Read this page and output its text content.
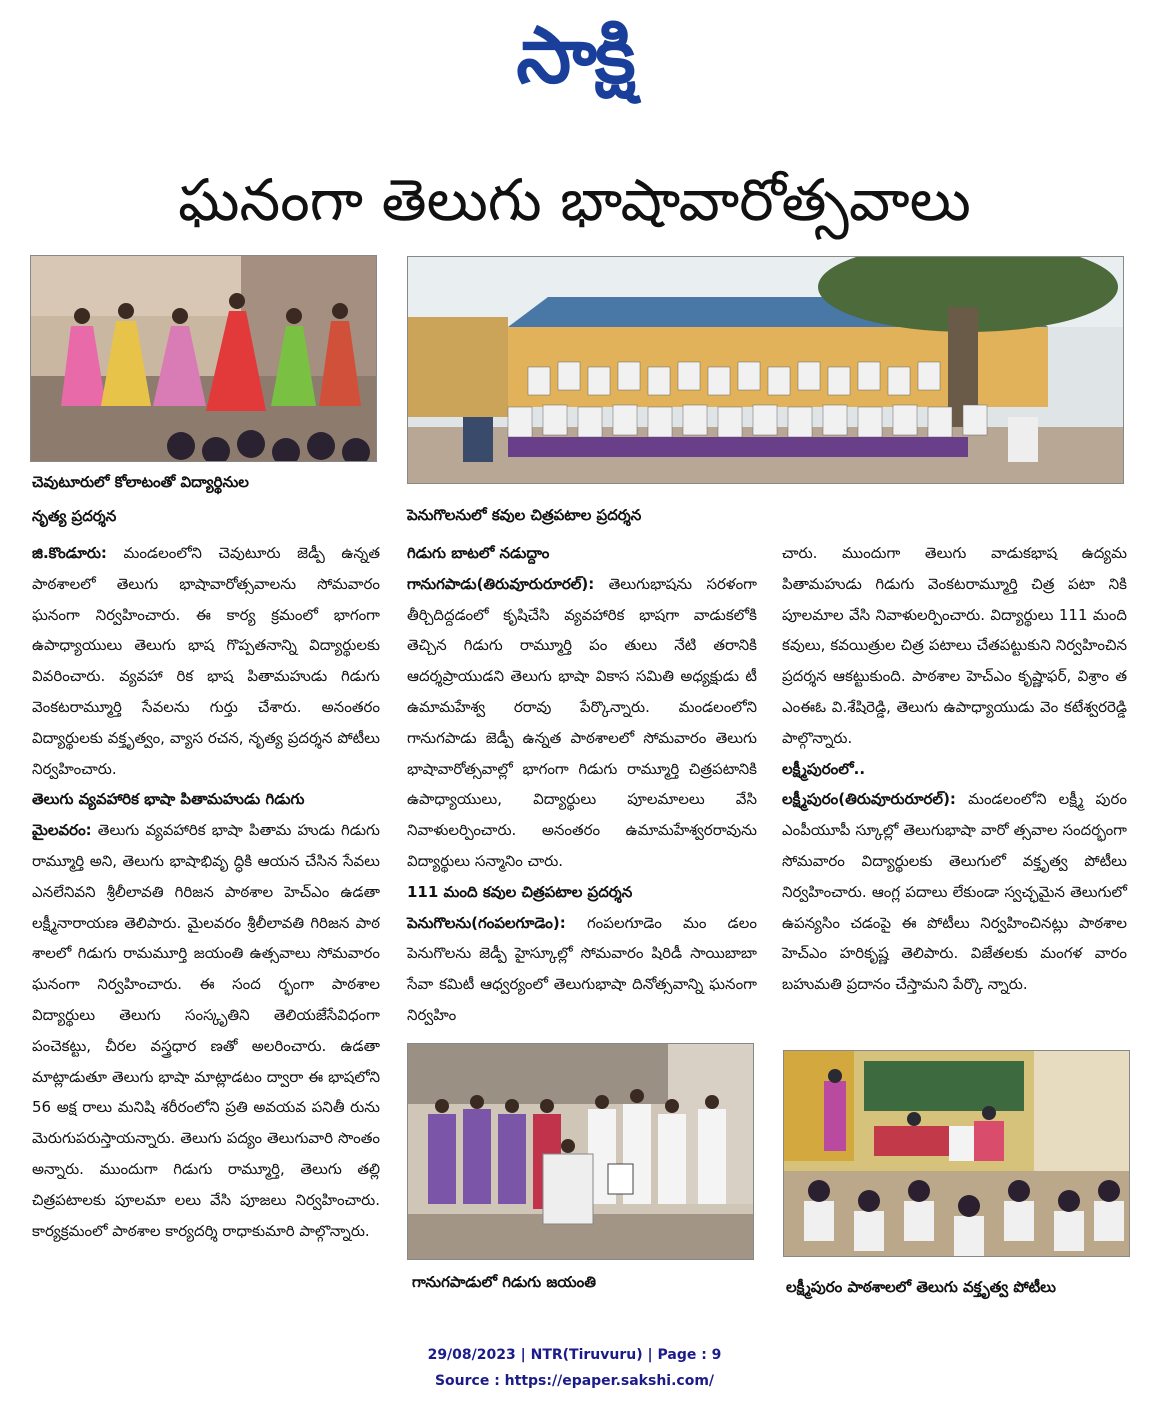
సాక్షి
ఘనంగా తెలుగు భాషావారోత్సవాలు
చెవుటూరులో కోలాటంతో విద్యార్థినుల
నృత్య ప్రదర్శన	పెనుగొలనులో కవుల చిత్రపటాల ప్రదర్శన

జి.కొండూరు: మండలంలోని చెవుటూరు జెడ్పీ ఉన్నత పాఠశాలలో తెలుగు భాషావారోత్సవాలను సోమవారం ఘనంగా నిర్వహించారు. ఈ కార్య క్రమంలో భాగంగా ఉపాధ్యాయులు తెలుగు భాష గొప్పతనాన్ని విద్యార్థులకు వివరించారు. వ్యవహా రిక భాష పితామహుడు గిడుగు వెంకటరామ్మూర్తి సేవలను గుర్తు చేశారు. అనంతరం విద్యార్థులకు వక్తృత్వం, వ్యాస రచన, నృత్య ప్రదర్శన పోటీలు నిర్వహించారు.

తెలుగు వ్యవహారిక భాషా పితామహుడు గిడుగు

మైలవరం: తెలుగు వ్యవహారిక భాషా పితామ హుడు గిడుగు రామ్మూర్తి అని, తెలుగు భాషాభివృ ద్ధికి ఆయన చేసిన సేవలు ఎనలేనివని శ్రీలీలావతి గిరిజన పాఠశాల హెచ్ఎం ఉడతా లక్ష్మీనారాయణ తెలిపారు. మైలవరం శ్రీలీలావతి గిరిజన పాఠ శాలలో గిడుగు రామమూర్తి జయంతి ఉత్సవాలు సోమవారం ఘనంగా నిర్వహించారు. ఈ సంద ర్భంగా పాఠశాల విద్యార్థులు తెలుగు సంస్కృతిని తెలియజేసేవిధంగా పంచెకట్టు, చీరల వస్త్రధార ణతో అలరించారు. ఉడతా మాట్లాడుతూ తెలుగు భాషా మాట్లాడటం ద్వారా ఈ భాషలోని 56 అక్ష రాలు మనిషి శరీరంలోని ప్రతి అవయవ పనితీ రును మెరుగుపరుస్తాయన్నారు. తెలుగు పద్యం తెలుగువారి సొంతం అన్నారు. ముందుగా గిడుగు రామ్మూర్తి, తెలుగు తల్లి చిత్రపటాలకు పూలమా లలు వేసి పూజలు నిర్వహించారు. కార్యక్రమంలో పాఠశాల కార్యదర్శి రాధాకుమారి పాల్గొన్నారు.

గిడుగు బాటలో నడుద్దాం

గానుగపాడు(తిరువూరురూరల్): తెలుగుభాషను సరళంగా తీర్చిదిద్దడంలో కృషిచేసి వ్యవహారిక భాషగా వాడుకలోకి తెచ్చిన గిడుగు రామ్మూర్తి పం తులు నేటి తరానికి ఆదర్శప్రాయుడని తెలుగు భాషా వికాస సమితి అధ్యక్షుడు టీ ఉమామహేశ్వ రరావు పేర్కొన్నారు. మండలంలోని గానుగపాడు జెడ్పీ ఉన్నత పాఠశాలలో సోమవారం తెలుగు భాషావారోత్సవాల్లో భాగంగా గిడుగు రామ్మూర్తి చిత్రపటానికి ఉపాధ్యాయులు, విద్యార్థులు పూలమాలలు వేసి నివాళులర్పించారు. అనంతరం ఉమామహేశ్వరరావును విద్యార్థులు సన్మానిం చారు.

111 మంది కవుల చిత్రపటాల ప్రదర్శన

పెనుగొలను(గంపలగూడెం): గంపలగూడెం మం డలం పెనుగొలను జెడ్పీ హైస్కూల్లో సోమవారం షిరిడీ సాయిబాబా సేవా కమిటీ ఆధ్వర్యంలో తెలుగుభాషా దినోత్సవాన్ని ఘనంగా నిర్వహిం

చారు. ముందుగా తెలుగు వాడుకభాష ఉద్యమ పితామహుడు గిడుగు వెంకటరామ్మూర్తి చిత్ర పటా నికి పూలమాల వేసి నివాళులర్పించారు. విద్యార్థులు 111 మంది కవులు, కవయిత్రుల చిత్ర పటాలు చేతపట్టుకుని నిర్వహించిన ప్రదర్శన ఆకట్టుకుంది. పాఠశాల హెచ్ఎం కృష్ణాఫర్, విశ్రాం త ఎంఈఓ వి.శేషిరెడ్డి, తెలుగు ఉపాధ్యాయుడు వెం కటేశ్వరరెడ్డి పాల్గొన్నారు.

లక్ష్మీపురంలో..

లక్ష్మీపురం(తిరువూరురూరల్): మండలంలోని లక్ష్మీ పురం ఎంపీయూపీ స్కూల్లో తెలుగుభాషా వారో త్సవాల సందర్భంగా సోమవారం విద్యార్థులకు తెలుగులో వక్తృత్వ పోటీలు నిర్వహించారు. ఆంగ్ల పదాలు లేకుండా స్వచ్ఛమైన తెలుగులో ఉపన్యసిం చడంపై ఈ పోటీలు నిర్వహించినట్లు పాఠశాల హెచ్ఎం హరికృష్ణ తెలిపారు. విజేతలకు మంగళ వారం బహుమతి ప్రదానం చేస్తామని పేర్కొ న్నారు.

గానుగపాడులో గిడుగు జయంతి	లక్ష్మీపురం పాఠశాలలో తెలుగు వక్తృత్వ పోటీలు
29/08/2023 | NTR(Tiruvuru) | Page : 9
Source : https://epaper.sakshi.com/
